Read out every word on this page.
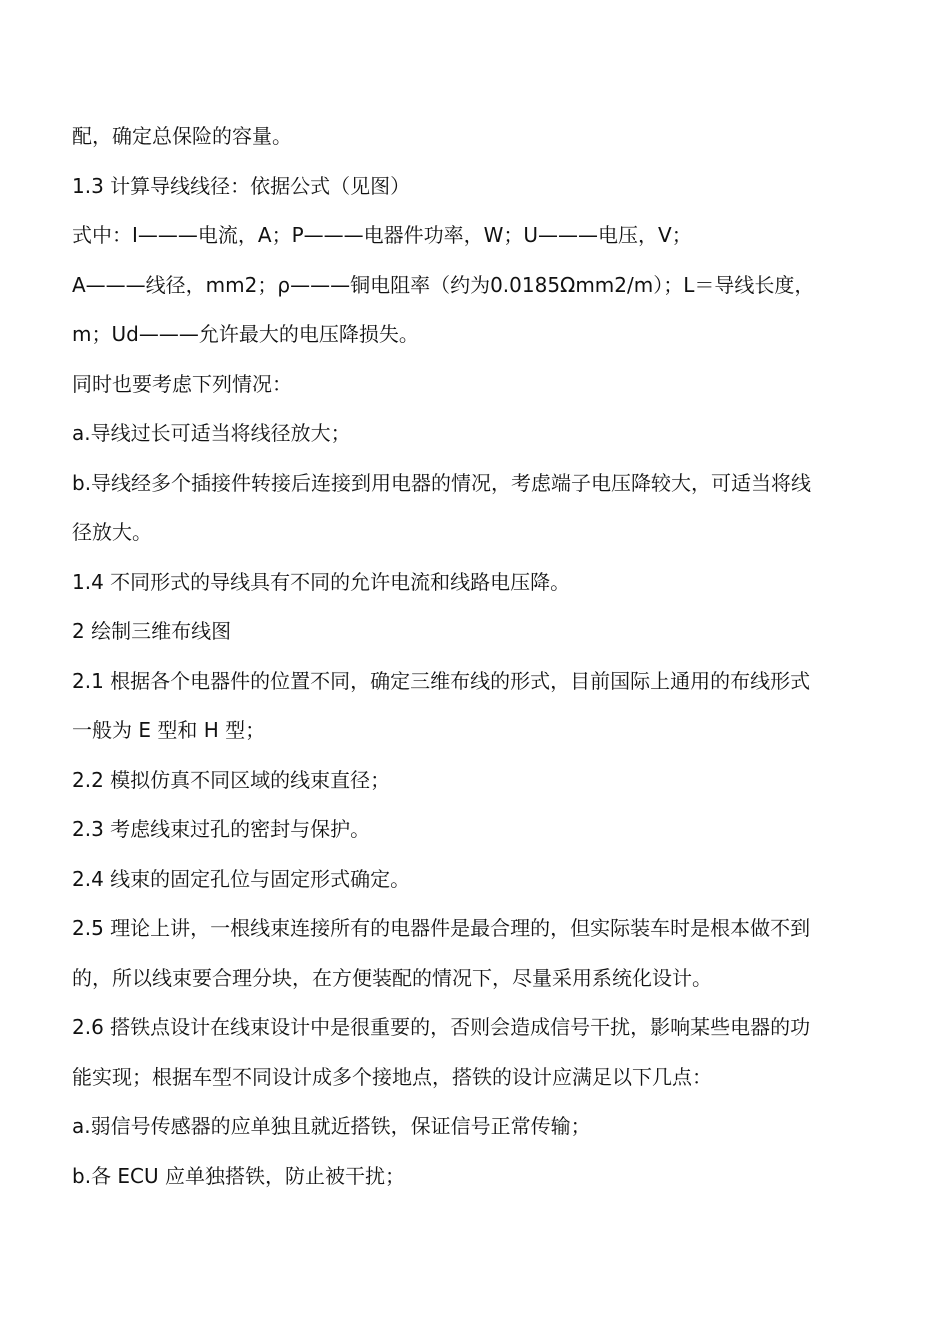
配，确定总保险的容量。
1.3 计算导线线径：依据公式（见图）
式中：I———电流，A；P———电器件功率，W；U———电压，V；
A———线径，mm2；ρ———铜电阻率（约为0.0185Ωmm2/m）；L＝导线长度，
m；Ud———允许最大的电压降损失。
同时也要考虑下列情况：
a.导线过长可适当将线径放大；
b.导线经多个插接件转接后连接到用电器的情况，考虑端子电压降较大，可适当将线
径放大。
1.4 不同形式的导线具有不同的允许电流和线路电压降。
2 绘制三维布线图
2.1 根据各个电器件的位置不同，确定三维布线的形式，目前国际上通用的布线形式
一般为 E 型和 H 型；
2.2 模拟仿真不同区域的线束直径；
2.3 考虑线束过孔的密封与保护。
2.4 线束的固定孔位与固定形式确定。
2.5 理论上讲，一根线束连接所有的电器件是最合理的，但实际装车时是根本做不到
的，所以线束要合理分块，在方便装配的情况下，尽量采用系统化设计。
2.6 搭铁点设计在线束设计中是很重要的，否则会造成信号干扰，影响某些电器的功
能实现；根据车型不同设计成多个接地点，搭铁的设计应满足以下几点：
a.弱信号传感器的应单独且就近搭铁，保证信号正常传输；
b.各 ECU 应单独搭铁，防止被干扰；
